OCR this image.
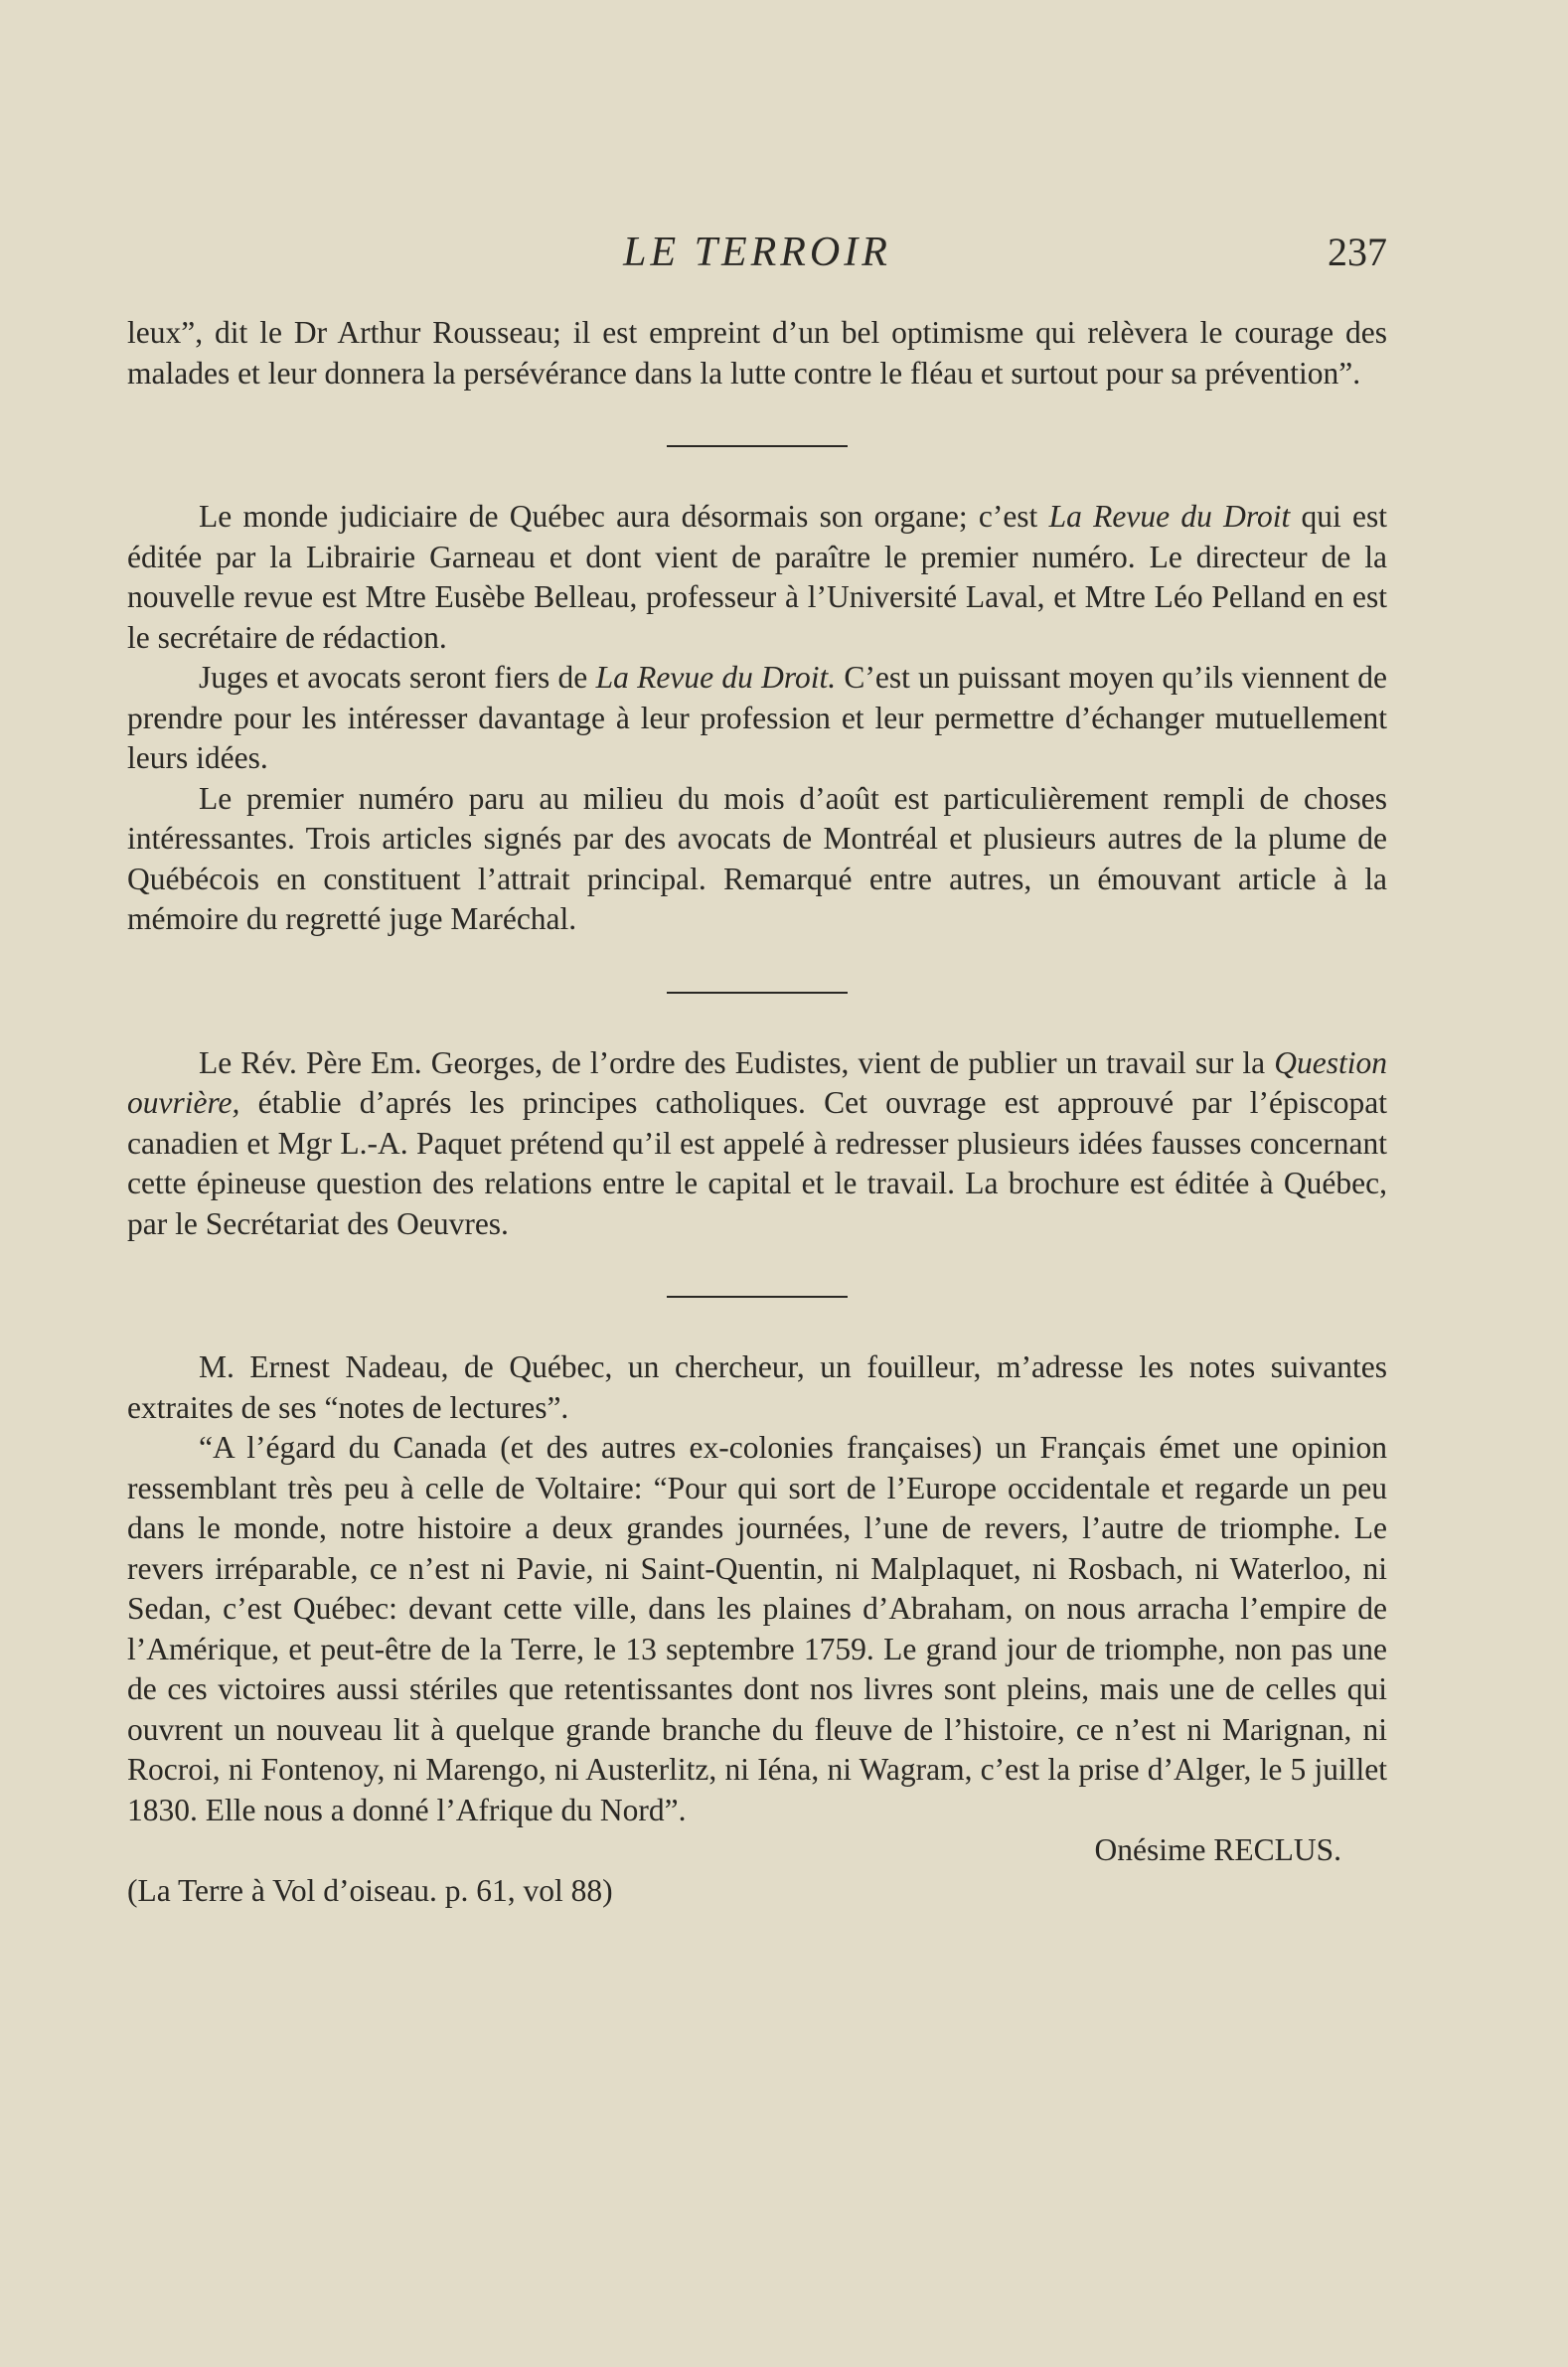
LE TERROIR	237

leux”, dit le Dr Arthur Rousseau; il est empreint d’un bel optimisme qui relèvera le courage des malades et leur donnera la persévérance dans la lutte contre le fléau et surtout pour sa prévention”.

Le monde judiciaire de Québec aura désormais son organe; c’est La Revue du Droit qui est éditée par la Librairie Garneau et dont vient de paraître le premier numéro. Le directeur de la nouvelle revue est Mtre Eusèbe Belleau, professeur à l’Université Laval, et Mtre Léo Pelland en est le secrétaire de rédaction.

Juges et avocats seront fiers de La Revue du Droit. C’est un puissant moyen qu’ils viennent de prendre pour les intéresser davantage à leur profession et leur permettre d’échanger mutuellement leurs idées.

Le premier numéro paru au milieu du mois d’août est particulièrement rempli de choses intéressantes. Trois articles signés par des avocats de Montréal et plusieurs autres de la plume de Québécois en constituent l’attrait principal. Remarqué entre autres, un émouvant article à la mémoire du regretté juge Maréchal.

Le Rév. Père Em. Georges, de l’ordre des Eudistes, vient de publier un travail sur la Question ouvrière, établie d’aprés les principes catholiques. Cet ouvrage est approuvé par l’épiscopat canadien et Mgr L.-A. Paquet prétend qu’il est appelé à redresser plusieurs idées fausses concernant cette épineuse question des relations entre le capital et le travail. La brochure est éditée à Québec, par le Secrétariat des Oeuvres.

M. Ernest Nadeau, de Québec, un chercheur, un fouilleur, m’adresse les notes suivantes extraites de ses “notes de lectures”.

“A l’égard du Canada (et des autres ex-colonies françaises) un Français émet une opinion ressemblant très peu à celle de Voltaire: “Pour qui sort de l’Europe occidentale et regarde un peu dans le monde, notre histoire a deux grandes journées, l’une de revers, l’autre de triomphe. Le revers irréparable, ce n’est ni Pavie, ni Saint-Quentin, ni Malplaquet, ni Rosbach, ni Waterloo, ni Sedan, c’est Québec: devant cette ville, dans les plaines d’Abraham, on nous arracha l’empire de l’Amérique, et peut-être de la Terre, le 13 septembre 1759. Le grand jour de triomphe, non pas une de ces victoires aussi stériles que retentissantes dont nos livres sont pleins, mais une de celles qui ouvrent un nouveau lit à quelque grande branche du fleuve de l’histoire, ce n’est ni Marignan, ni Rocroi, ni Fontenoy, ni Marengo, ni Austerlitz, ni Iéna, ni Wagram, c’est la prise d’Alger, le 5 juillet 1830. Elle nous a donné l’Afrique du Nord”.

Onésime RECLUS.

(La Terre à Vol d’oiseau. p. 61, vol 88)
